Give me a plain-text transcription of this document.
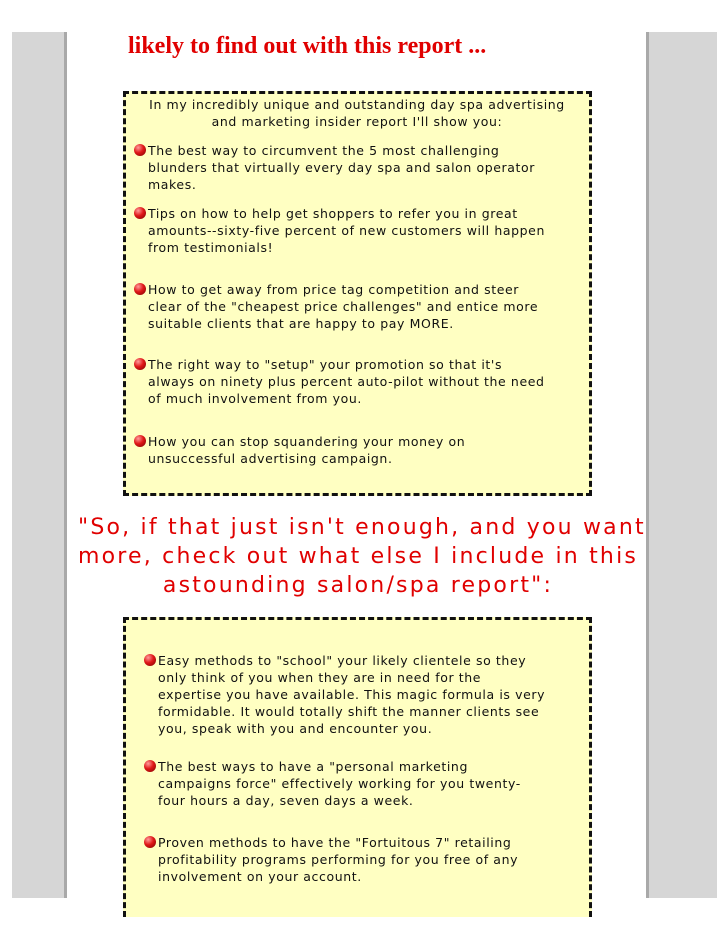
likely to find out with this report ...
In my incredibly unique and outstanding day spa advertising
and marketing insider report I'll show you:
The best way to circumvent the 5 most challenging
blunders that virtually every day spa and salon operator
makes.
Tips on how to help get shoppers to refer you in great
amounts--sixty-five percent of new customers will happen
from testimonials!
How to get away from price tag competition and steer
clear of the "cheapest price challenges" and entice more
suitable clients that are happy to pay MORE.
The right way to "setup" your promotion so that it's
always on ninety plus percent auto-pilot without the need
of much involvement from you.
How you can stop squandering your money on
unsuccessful advertising campaign.
"So, if that just isn't enough, and you want
more, check out what else I include in this
astounding salon/spa report":
Easy methods to "school" your likely clientele so they
only think of you when they are in need for the
expertise you have available. This magic formula is very
formidable. It would totally shift the manner clients see
you, speak with you and encounter you.
The best ways to have a "personal marketing
campaigns force" effectively working for you twenty-
four hours a day, seven days a week.
Proven methods to have the "Fortuitous 7" retailing
profitability programs performing for you free of any
involvement on your account.
